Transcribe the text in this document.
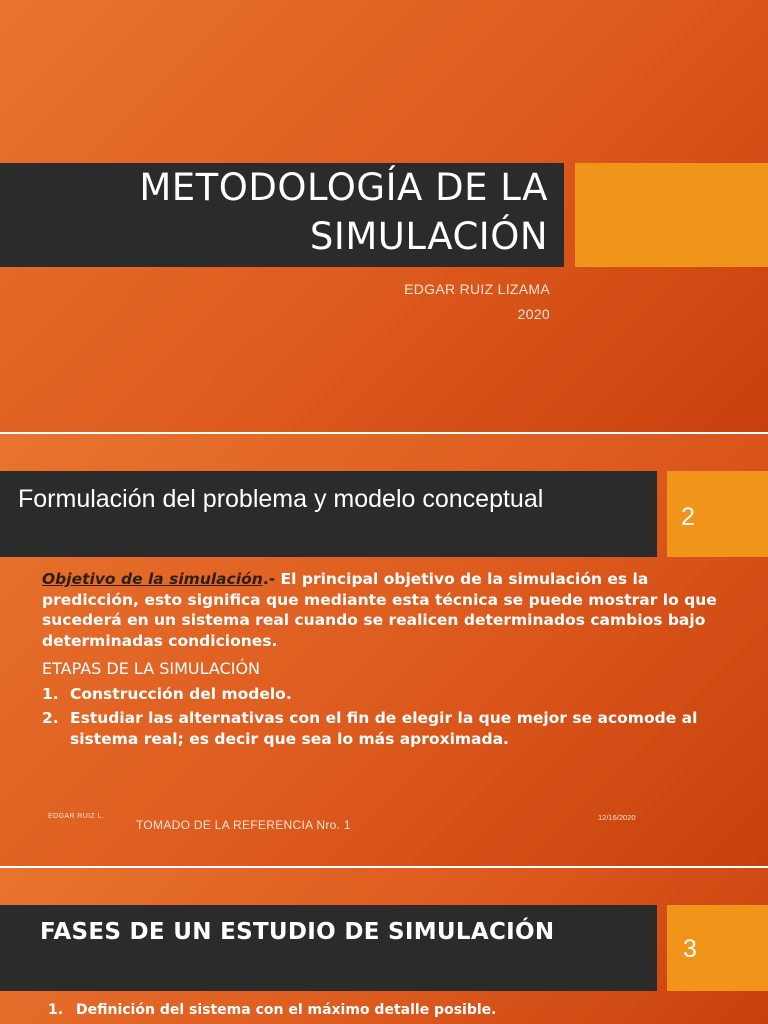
METODOLOGÍA DE LA
SIMULACIÓN
EDGAR RUIZ LIZAMA
2020
Formulación del problema y modelo conceptual
2

Objetivo de la simulación.- El principal objetivo de la simulación es la predicción, esto significa que mediante esta técnica se puede mostrar lo que sucederá en un sistema real cuando se realicen determinados cambios bajo determinadas condiciones.

ETAPAS DE LA SIMULACIÓN

1. Construcción del modelo.
2. Estudiar las alternativas con el fin de elegir la que mejor se acomode al sistema real; es decir que sea lo más aproximada.
EDGAR RUIZ L.
TOMADO DE LA REFERENCIA Nro. 1
12/16/2020
FASES DE UN ESTUDIO DE SIMULACIÓN
3
1. Definición del sistema con el máximo detalle posible.
